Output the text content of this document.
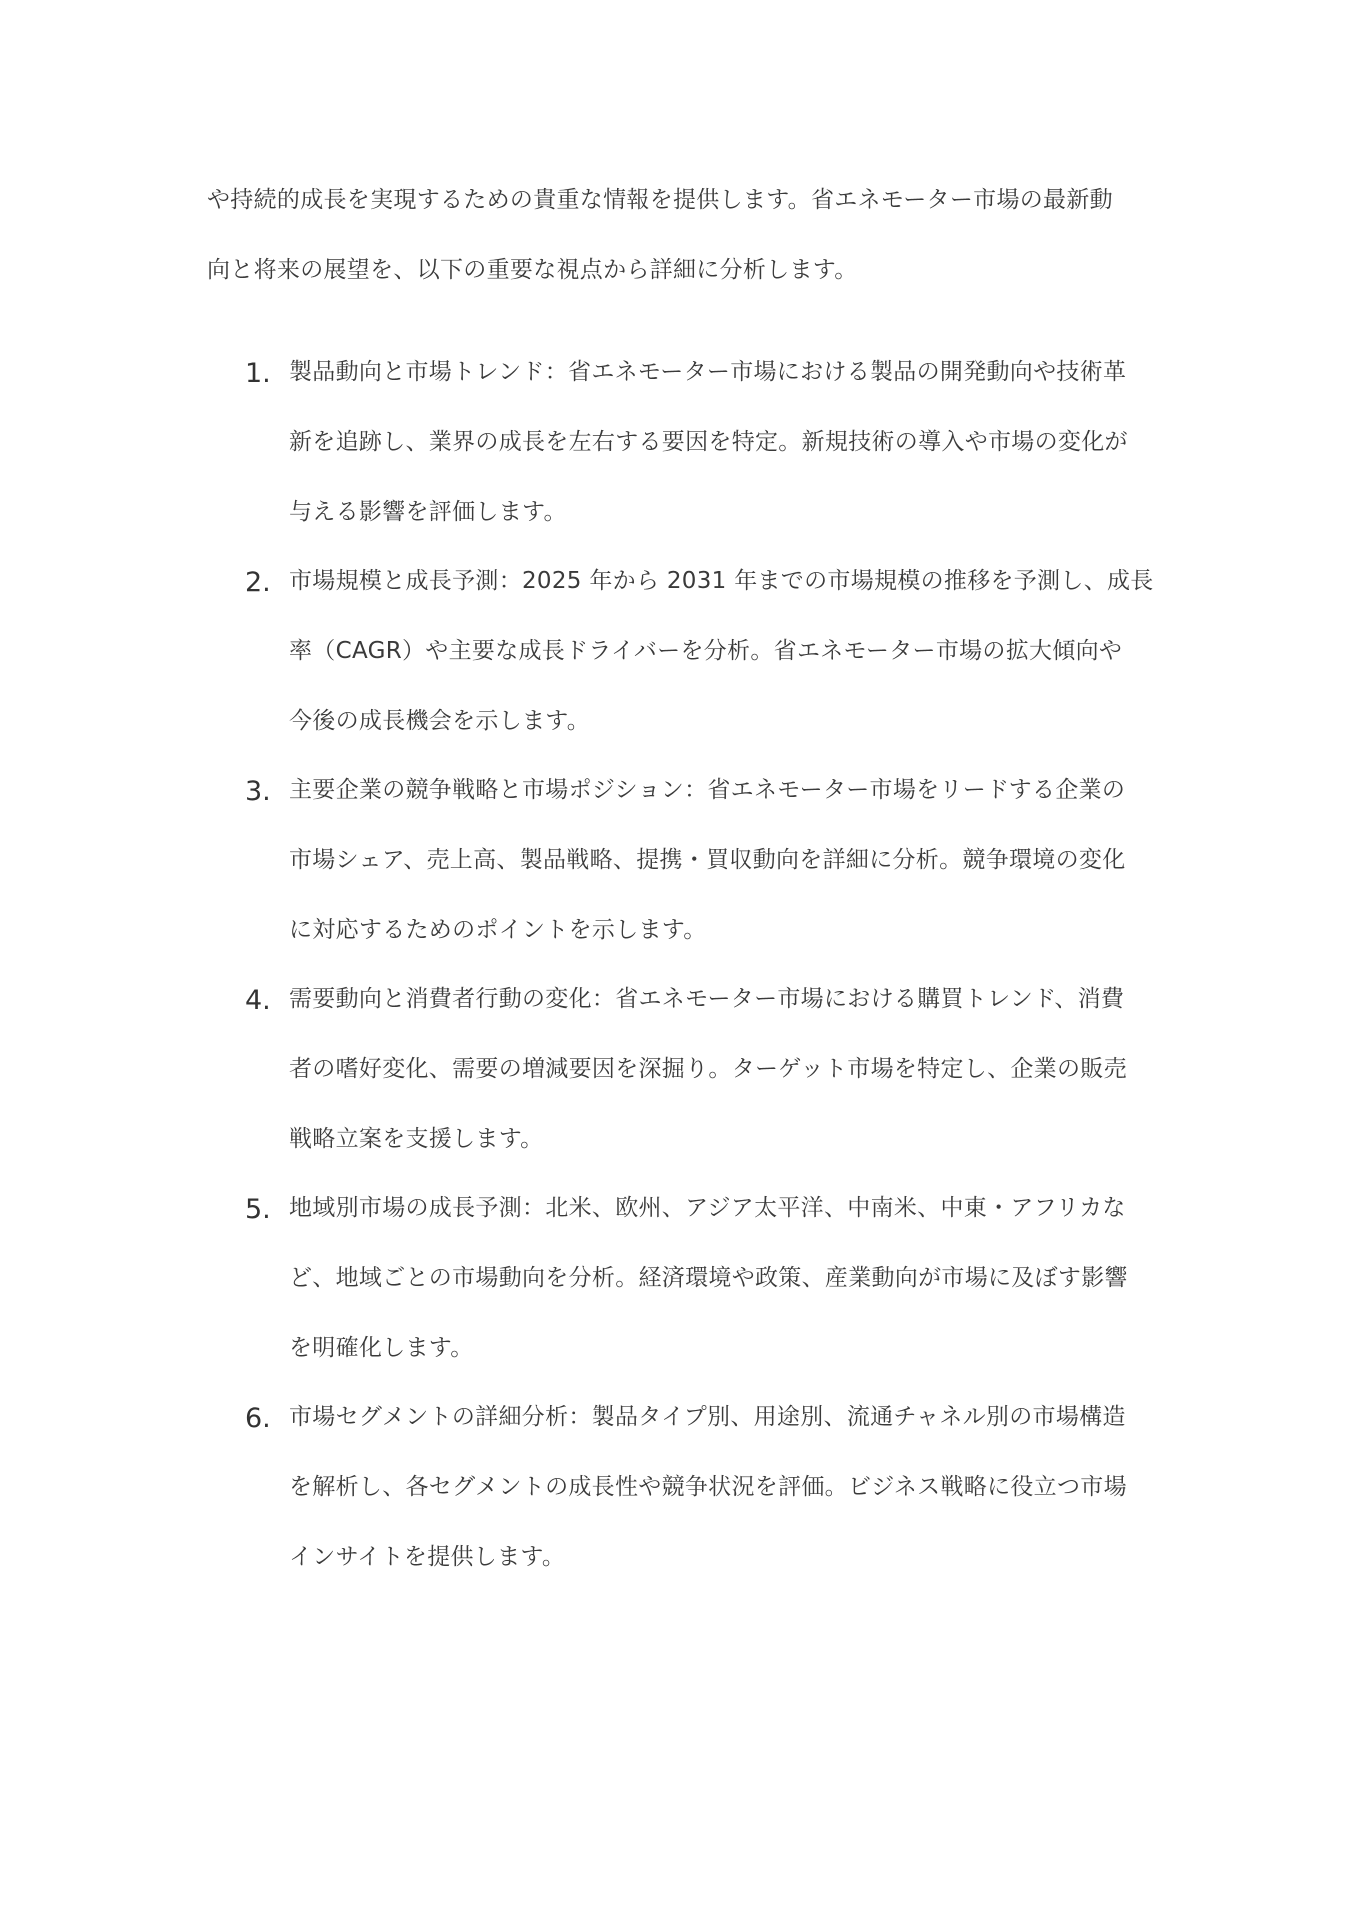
や持続的成長を実現するための貴重な情報を提供します。省エネモーター市場の最新動
向と将来の展望を、以下の重要な視点から詳細に分析します。
1. 製品動向と市場トレンド：省エネモーター市場における製品の開発動向や技術革
新を追跡し、業界の成長を左右する要因を特定。新規技術の導入や市場の変化が
与える影響を評価します。
2. 市場規模と成長予測：2025 年から 2031 年までの市場規模の推移を予測し、成長
率（CAGR）や主要な成長ドライバーを分析。省エネモーター市場の拡大傾向や
今後の成長機会を示します。
3. 主要企業の競争戦略と市場ポジション：省エネモーター市場をリードする企業の
市場シェア、売上高、製品戦略、提携・買収動向を詳細に分析。競争環境の変化
に対応するためのポイントを示します。
4. 需要動向と消費者行動の変化：省エネモーター市場における購買トレンド、消費
者の嗜好変化、需要の増減要因を深掘り。ターゲット市場を特定し、企業の販売
戦略立案を支援します。
5. 地域別市場の成長予測：北米、欧州、アジア太平洋、中南米、中東・アフリカな
ど、地域ごとの市場動向を分析。経済環境や政策、産業動向が市場に及ぼす影響
を明確化します。
6. 市場セグメントの詳細分析：製品タイプ別、用途別、流通チャネル別の市場構造
を解析し、各セグメントの成長性や競争状況を評価。ビジネス戦略に役立つ市場
インサイトを提供します。
